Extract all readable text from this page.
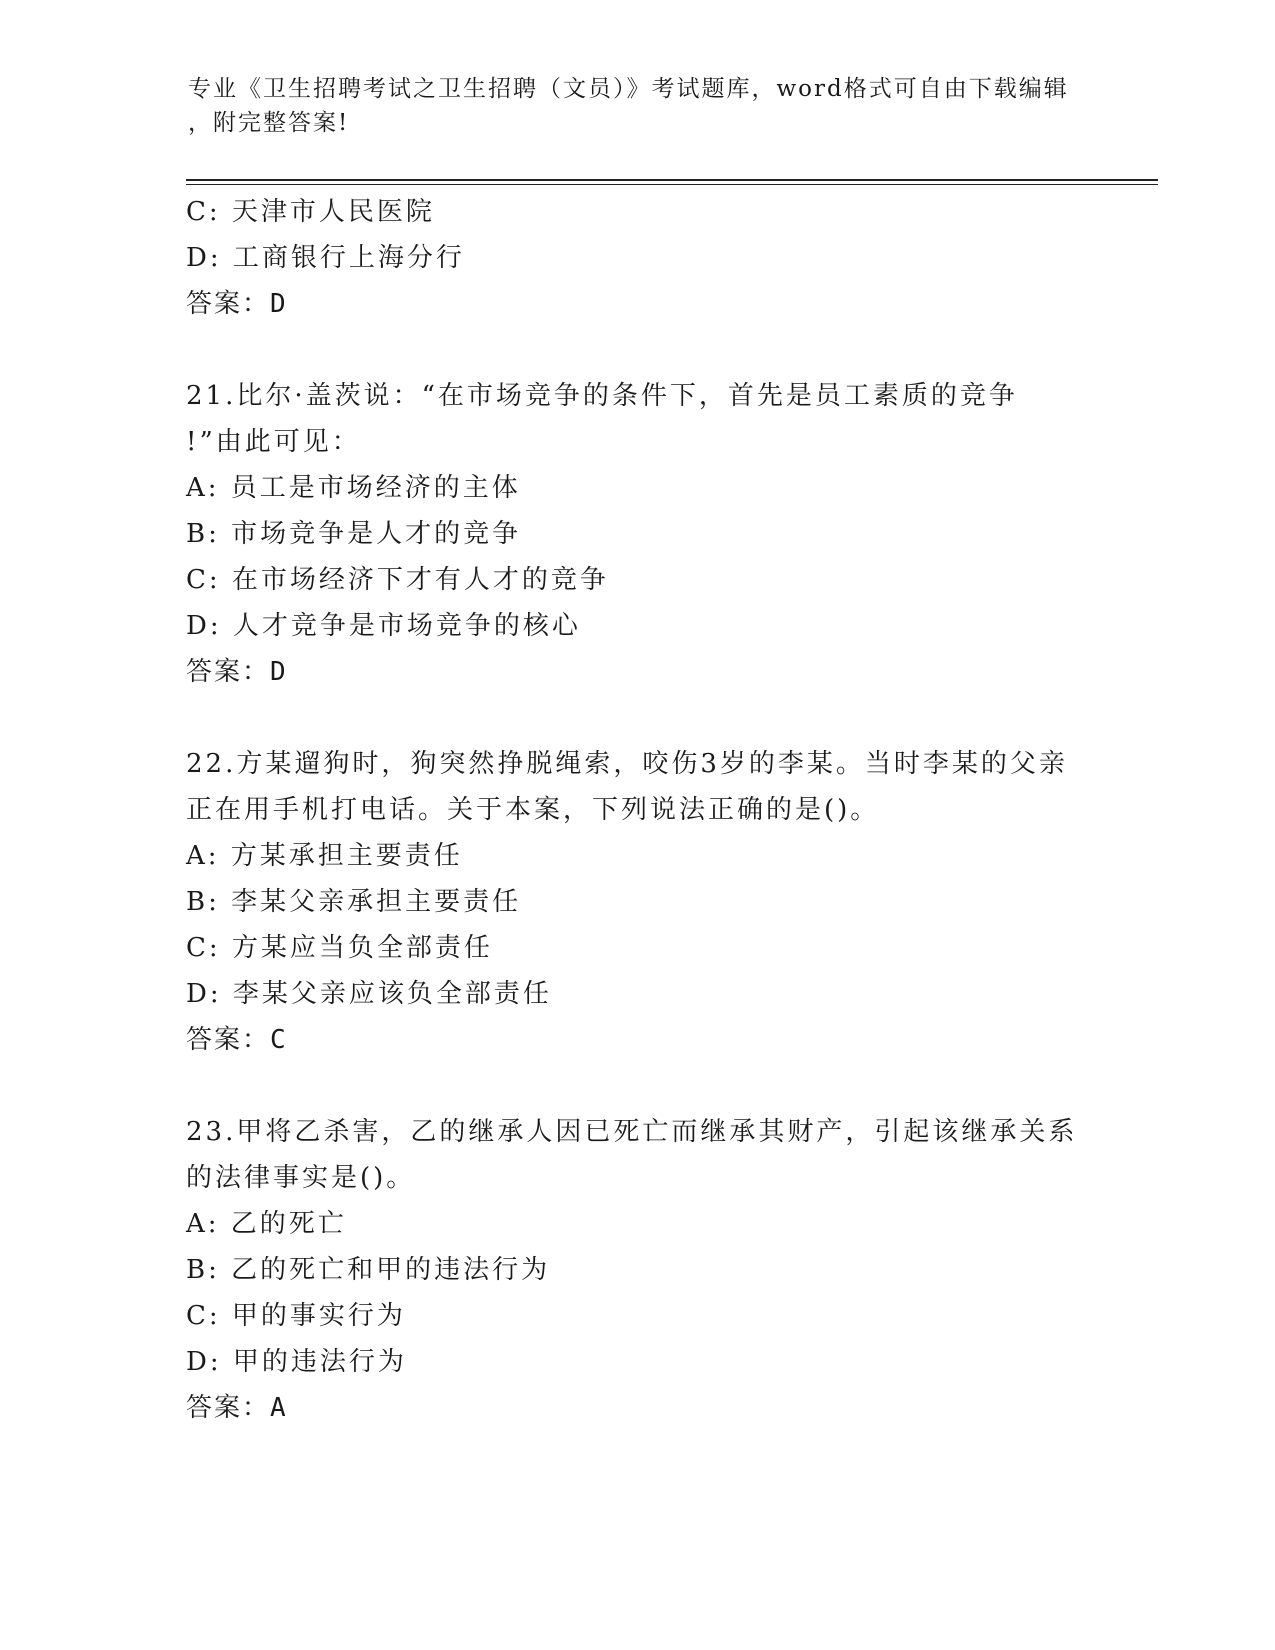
专业《卫生招聘考试之卫生招聘（文员）》考试题库，word格式可自由下载编辑
，附完整答案!
C: 天津市人民医院
D: 工商银行上海分行
答案：D
21.比尔·盖茨说：“在市场竞争的条件下，首先是员工素质的竞争
!”由此可见：
A: 员工是市场经济的主体
B: 市场竞争是人才的竞争
C: 在市场经济下才有人才的竞争
D: 人才竞争是市场竞争的核心
答案：D
22.方某遛狗时，狗突然挣脱绳索，咬伤3岁的李某。当时李某的父亲
正在用手机打电话。关于本案，下列说法正确的是()。
A: 方某承担主要责任
B: 李某父亲承担主要责任
C: 方某应当负全部责任
D: 李某父亲应该负全部责任
答案：C
23.甲将乙杀害，乙的继承人因已死亡而继承其财产，引起该继承关系
的法律事实是()。
A: 乙的死亡
B: 乙的死亡和甲的违法行为
C: 甲的事实行为
D: 甲的违法行为
答案：A
